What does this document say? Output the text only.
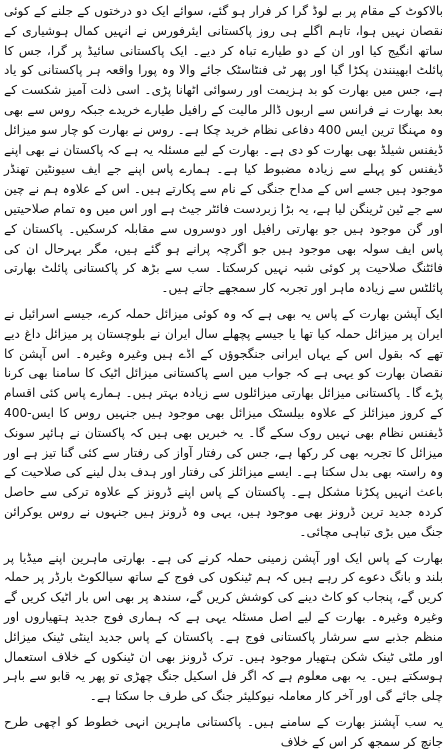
بالاکوٹ کے مقام پر بے لوڈ گرا کر فرار ہو گئے، سوائے ایک دو درختوں کے جلنے کے کوئی نقصان نہیں ہوا، تاہم اگلے ہی روز پاکستانی ایئرفورس نے انہیں کمال ہوشیاری کے ساتھ انگیج کیا اور ان کے دو طیارے تباہ کر دیے۔ ایک پاکستانی سائیڈ پر گرا، جس کا پائلٹ ابھینندن پکڑا گیا اور پھر ٹی فنٹاسٹک جائے والا وہ پورا واقعہ ہر پاکستانی کو یاد ہے، جس میں بھارت کو بد ہزیمت اور رسوائی اٹھانا پڑی۔ اسی ذلت آمیز شکست کے بعد بھارت نے فرانس سے اربوں ڈالر مالیت کے رافیل طیارے خریدے جبکہ روس سے بھی وہ مہنگا ترین ایس 400 دفاعی نظام خرید چکا ہے۔ روس نے بھارت کو چار سو میزائل ڈیفنس شیلڈ بھی بھارت کو دی ہے۔ بھارت کے لیے مسئلہ یہ ہے کہ پاکستان نے بھی اپنے ڈیفنس کو پہلے سے زیادہ مضبوط کیا ہے۔ ہمارے پاس اپنے جے ایف سیونٹین تھنڈر موجود ہیں جسے اس کے مداح جنگی کے نام سے پکارتے ہیں۔ اس کے علاوہ ہم نے چین سے جے ٹین ٹرینگن لیا ہے، یہ بڑا زبردست فائٹر جیٹ ہے اور اس میں وہ تمام صلاحیتیں اور گن موجود ہیں جو بھارتی رافیل اور دوسروں سے مقابلہ کرسکیں۔ پاکستان کے پاس ایف سولہ بھی موجود ہیں جو اگرچہ پرانے ہو گئے ہیں، مگر بہرحال ان کی فائٹنگ صلاحیت پر کوئی شبہ نہیں کرسکتا۔ سب سے بڑھ کر پاکستانی پائلٹ بھارتی پائلٹس سے زیادہ ماہر اور تجربہ کار سمجھے جاتے ہیں۔

ایک آپشن بھارت کے پاس یہ بھی ہے کہ وہ کوئی میزائل حملہ کرے، جیسے اسرائیل نے ایران پر میزائل حملہ کیا تھا یا جیسے پچھلے سال ایران نے بلوچستان پر میزائل داغ دیے تھے کہ بقول اس کے یہاں ایرانی جنگجوؤں کے اڈے ہیں وغیرہ وغیرہ۔ اس آپشن کا نقصان بھارت کو یہی ہے کہ جواب میں اسے پاکستانی میزائل اٹیک کا سامنا بھی کرنا پڑے گا۔ پاکستانی میزائل بھارتی میزائلوں سے زیادہ بہتر ہیں۔ ہمارے پاس کئی اقسام کے کروز میزائلز کے علاوہ بیلسٹک میزائل بھی موجود ہیں جنہیں روس کا ایس-400 ڈیفنس نظام بھی نہیں روک سکے گا۔ یہ خبریں بھی ہیں کہ پاکستان نے ہائپر سونک میزائل کا تجربہ بھی کر رکھا ہے، جس کی رفتار آواز کی رفتار سے کئی گنا تیز ہے اور وہ راستہ بھی بدل سکتا ہے۔ ایسے میزائلز کی رفتار اور ہدف بدل لینے کی صلاحیت کے باعث انہیں پکڑنا مشکل ہے۔ پاکستان کے پاس اپنے ڈرونز کے علاوہ ترکی سے حاصل کردہ جدید ترین ڈرونز بھی موجود ہیں، یہی وہ ڈرونز ہیں جنہوں نے روس یوکرائن جنگ میں بڑی تباہی مچائی۔

بھارت کے پاس ایک اور آپشن زمینی حملہ کرنے کی ہے۔ بھارتی ماہرین اپنے میڈیا پر بلند و بانگ دعوے کر رہے ہیں کہ ہم ٹینکوں کی فوج کے ساتھ سیالکوٹ بارڈر پر حملہ کریں گے، پنجاب کو کاٹ دینے کی کوشش کریں گے، سندھ پر بھی اس بار اٹیک کریں گے وغیرہ وغیرہ۔ بھارت کے لیے اصل مسئلہ یہی ہے کہ ہماری فوج جدید ہتھیاروں اور منظم جذبے سے سرشار پاکستانی فوج ہے۔ پاکستان کے پاس جدید اینٹی ٹینک میزائل اور ملٹی ٹینک شکن ہتھیار موجود ہیں۔ ترک ڈرونز بھی ان ٹینکوں کے خلاف استعمال ہوسکتے ہیں۔ یہ بھی معلوم ہے کہ اگر فل اسکیل جنگ چھڑی تو پھر یہ قابو سے باہر چلی جائے گی اور آخر کار معاملہ نیوکلیئر جنگ کی طرف جا سکتا ہے۔

یہ سب آپشنز بھارت کے سامنے ہیں۔ پاکستانی ماہرین انہی خطوط کو اچھی طرح جانچ کر سمجھ کر اس کے خلاف
